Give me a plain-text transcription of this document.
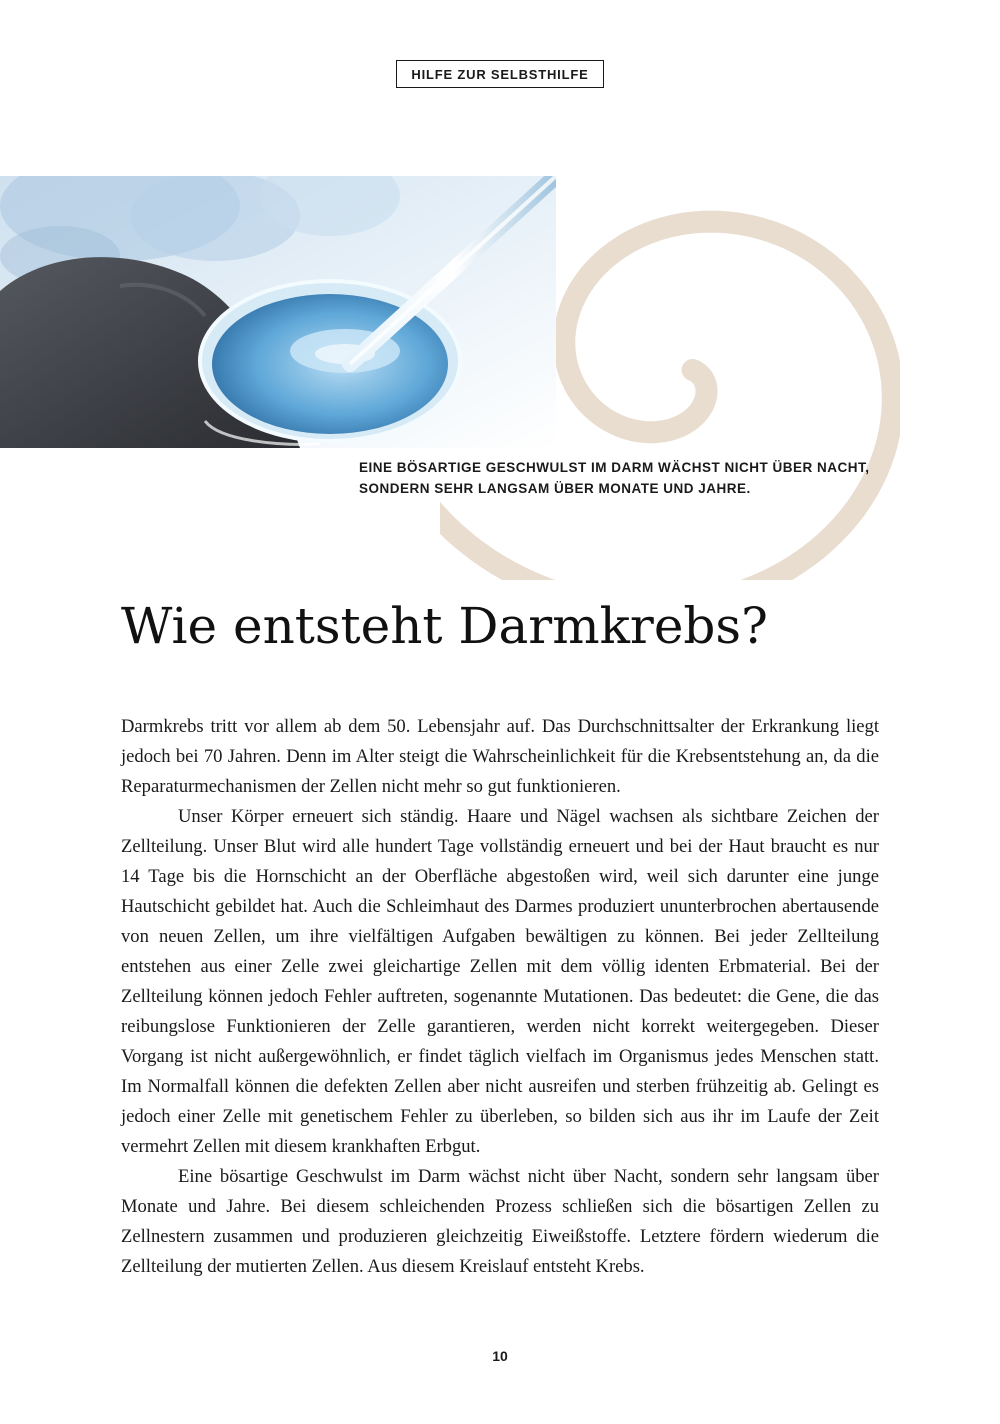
HILFE ZUR SELBSTHILFE
EINE BÖSARTIGE GESCHWULST IM DARM WÄCHST NICHT ÜBER NACHT,
SONDERN SEHR LANGSAM ÜBER MONATE UND JAHRE.
Wie entsteht Darmkrebs?

Darmkrebs tritt vor allem ab dem 50. Lebensjahr auf. Das Durchschnittsalter der Erkrankung liegt jedoch bei 70 Jahren. Denn im Alter steigt die Wahrscheinlichkeit für die Krebsentstehung an, da die Reparaturmechanismen der Zellen nicht mehr so gut funktionieren.

Unser Körper erneuert sich ständig. Haare und Nägel wachsen als sichtbare Zeichen der Zellteilung. Unser Blut wird alle hundert Tage vollständig erneuert und bei der Haut braucht es nur 14 Tage bis die Hornschicht an der Oberfläche abgestoßen wird, weil sich darunter eine junge Hautschicht gebildet hat. Auch die Schleimhaut des Darmes produziert ununterbrochen abertausende von neuen Zellen, um ihre vielfältigen Aufgaben bewältigen zu können. Bei jeder Zellteilung entstehen aus einer Zelle zwei gleichartige Zellen mit dem völlig identen Erbmaterial. Bei der Zellteilung können jedoch Fehler auftreten, sogenannte Mutationen. Das bedeutet: die Gene, die das reibungslose Funktionieren der Zelle garantieren, werden nicht korrekt weitergegeben. Dieser Vorgang ist nicht außergewöhnlich, er findet täglich vielfach im Organismus jedes Menschen statt. Im Normalfall können die defekten Zellen aber nicht ausreifen und sterben frühzeitig ab. Gelingt es jedoch einer Zelle mit genetischem Fehler zu überleben, so bilden sich aus ihr im Laufe der Zeit vermehrt Zellen mit diesem krankhaften Erbgut.

Eine bösartige Geschwulst im Darm wächst nicht über Nacht, sondern sehr langsam über Monate und Jahre. Bei diesem schleichenden Prozess schließen sich die bösartigen Zellen zu Zellnestern zusammen und produzieren gleichzeitig Eiweißstoffe. Letztere fördern wiederum die Zellteilung der mutierten Zellen. Aus diesem Kreislauf entsteht Krebs.

10
